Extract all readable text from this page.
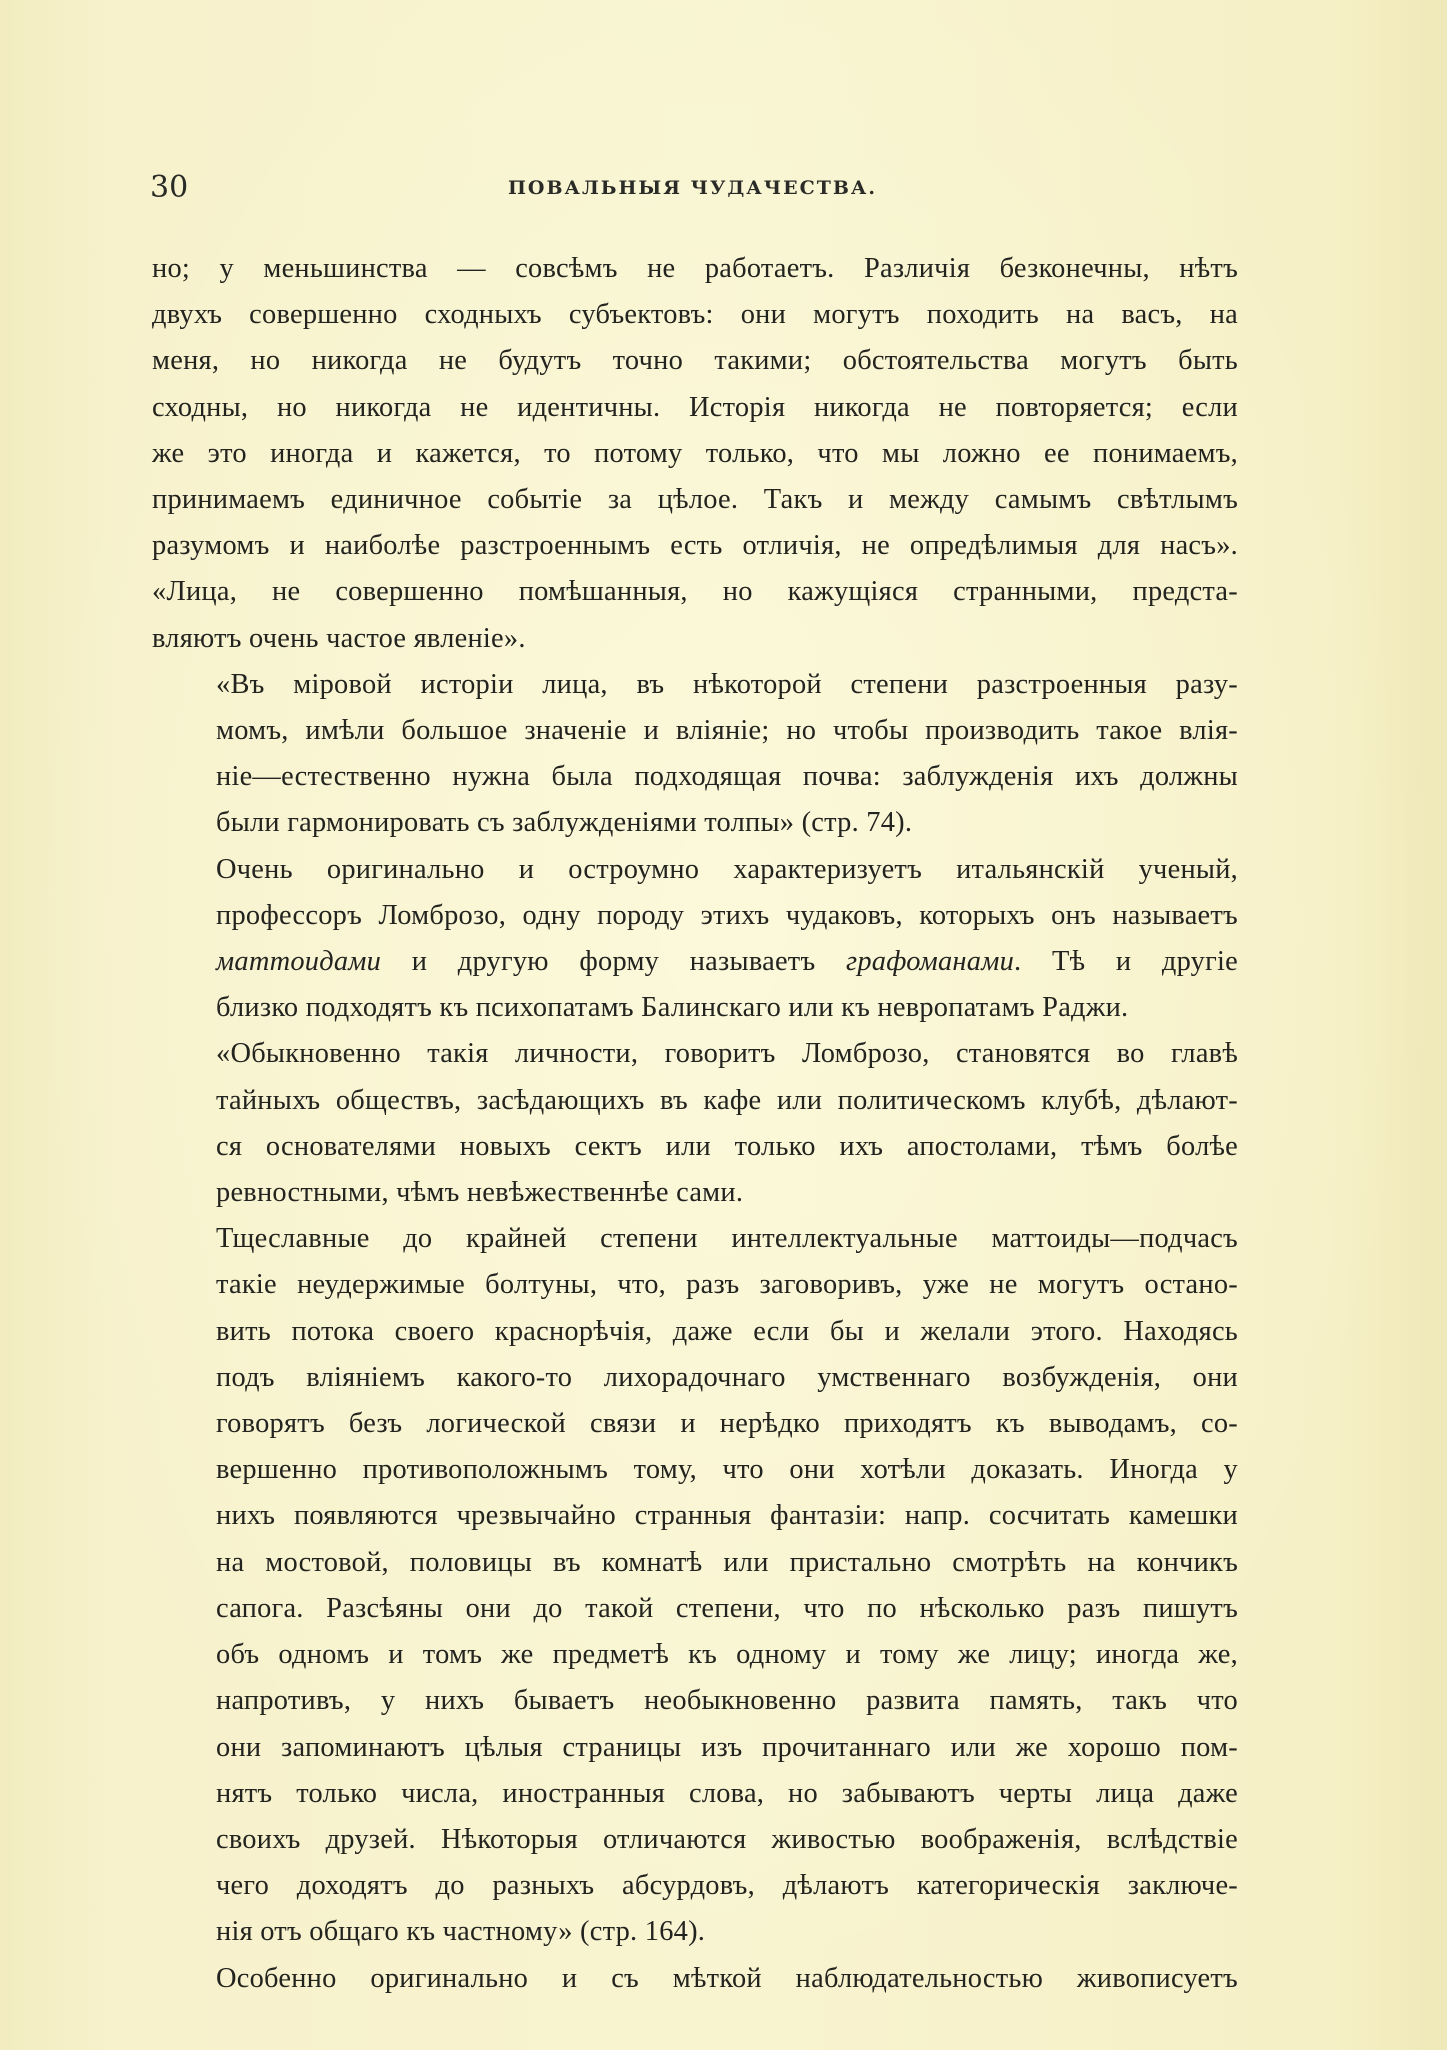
30	ПОВАЛЬНЫЯ ЧУДАЧЕСТВА.

но; у меньшинства — совсѣмъ не работаетъ. Различія безконечны, нѣтъ
двухъ совершенно сходныхъ субъектовъ: они могутъ походить на васъ, на
меня, но никогда не будутъ точно такими; обстоятельства могутъ быть
сходны, но никогда не идентичны. Исторія никогда не повторяется; если
же это иногда и кажется, то потому только, что мы ложно ее понимаемъ,
принимаемъ единичное событіе за цѣлое. Такъ и между самымъ свѣтлымъ
разумомъ и наиболѣе разстроеннымъ есть отличія, не опредѣлимыя для насъ».
«Лица, не совершенно помѣшанныя, но кажущіяся странными, предста-
вляютъ очень частое явленіе».

«Въ міровой исторіи лица, въ нѣкоторой степени разстроенныя разу-
момъ, имѣли большое значеніе и вліяніе; но чтобы производить такое влія-
ніе—естественно нужна была подходящая почва: заблужденія ихъ должны
были гармонировать съ заблужденіями толпы» (стр. 74).

Очень оригинально и остроумно характеризуетъ итальянскій ученый,
профессоръ Ломброзо, одну породу этихъ чудаковъ, которыхъ онъ называетъ
маттоидами и другую форму называетъ графоманами. Тѣ и другіе
близко подходятъ къ психопатамъ Балинскаго или къ невропатамъ Раджи.

«Обыкновенно такія личности, говоритъ Ломброзо, становятся во главѣ
тайныхъ обществъ, засѣдающихъ въ кафе или политическомъ клубѣ, дѣлают-
ся основателями новыхъ сектъ или только ихъ апостолами, тѣмъ болѣе
ревностными, чѣмъ невѣжественнѣе сами.

Тщеславные до крайней степени интеллектуальные маттоиды—подчасъ
такіе неудержимые болтуны, что, разъ заговоривъ, уже не могутъ остано-
вить потока своего краснорѣчія, даже если бы и желали этого. Находясь
подъ вліяніемъ какого-то лихорадочнаго умственнаго возбужденія, они
говорятъ безъ логической связи и нерѣдко приходятъ къ выводамъ, со-
вершенно противоположнымъ тому, что они хотѣли доказать. Иногда у
нихъ появляются чрезвычайно странныя фантазіи: напр. сосчитать камешки
на мостовой, половицы въ комнатѣ или пристально смотрѣть на кончикъ
сапога. Разсѣяны они до такой степени, что по нѣсколько разъ пишутъ
объ одномъ и томъ же предметѣ къ одному и тому же лицу; иногда же,
напротивъ, у нихъ бываетъ необыкновенно развита память, такъ что
они запоминаютъ цѣлыя страницы изъ прочитаннаго или же хорошо пом-
нятъ только числа, иностранныя слова, но забываютъ черты лица даже
своихъ друзей. Нѣкоторыя отличаются живостью воображенія, вслѣдствіе
чего доходятъ до разныхъ абсурдовъ, дѣлаютъ категорическія заключе-
нія отъ общаго къ частному» (стр. 164).

Особенно оригинально и съ мѣткой наблюдательностью живописуетъ
